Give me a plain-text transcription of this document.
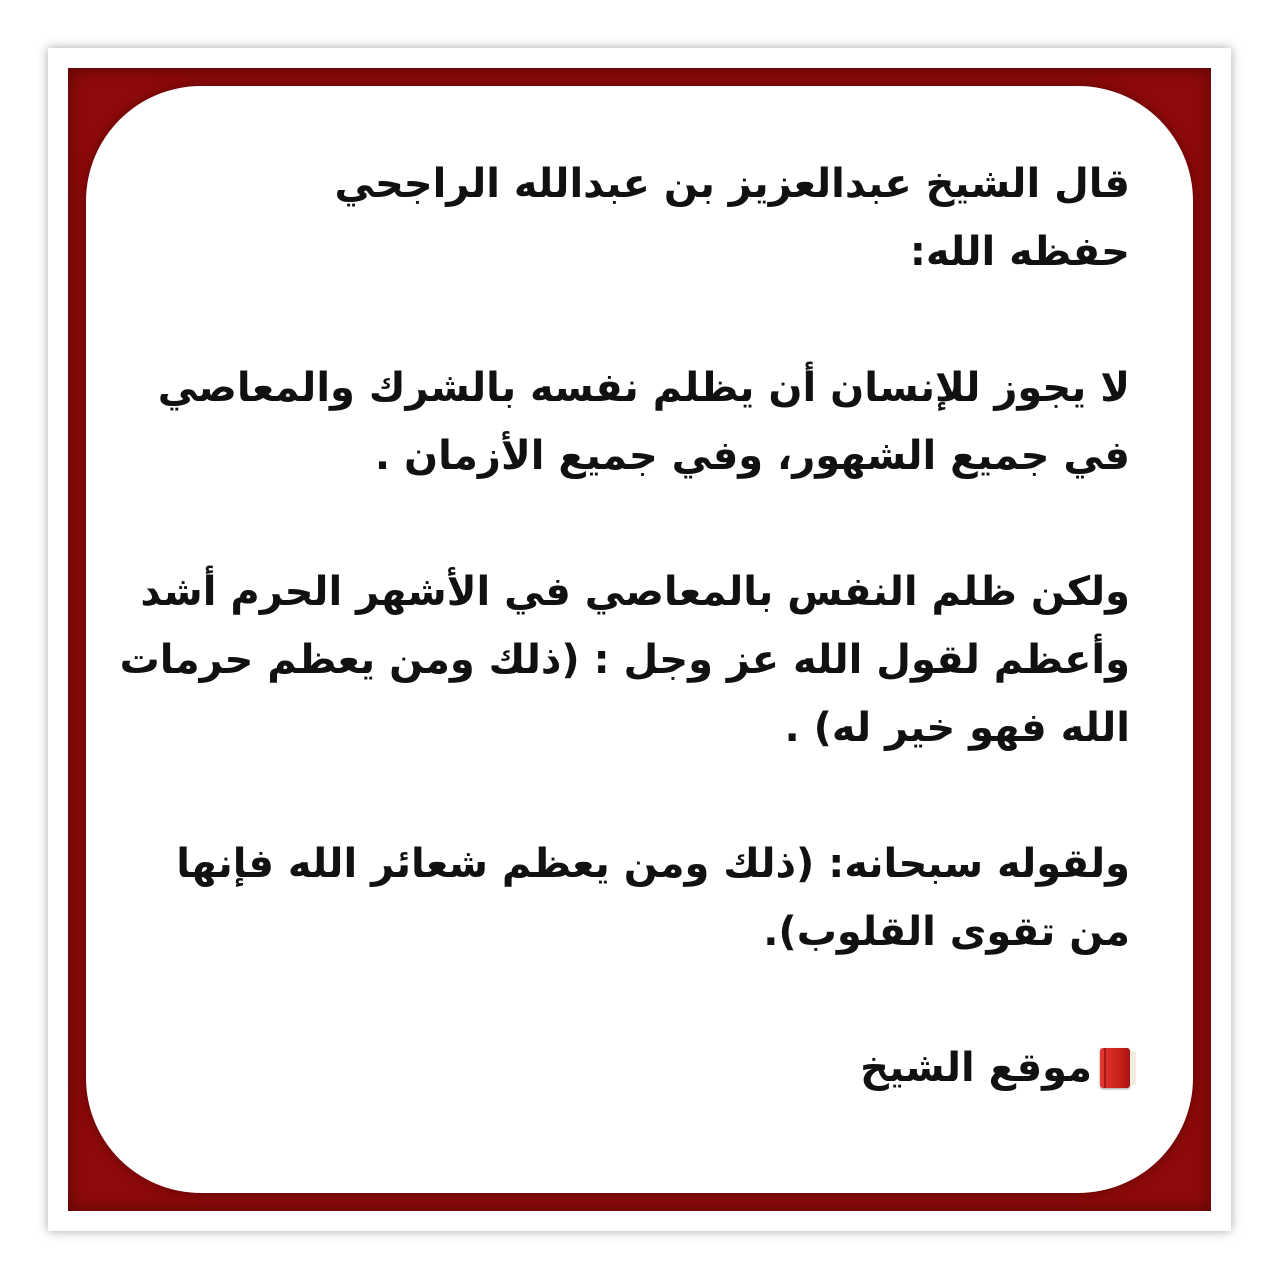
قال الشيخ عبدالعزيز بن عبدالله الراجحي
حفظه الله:

لا يجوز للإنسان أن يظلم نفسه بالشرك والمعاصي
في جميع الشهور، وفي جميع الأزمان .

ولكن ظلم النفس بالمعاصي في الأشهر الحرم أشد
وأعظم لقول الله عز وجل : (ذلك ومن يعظم حرمات
الله فهو خير له) .

ولقوله سبحانه: (ذلك ومن يعظم شعائر الله فإنها
من تقوى القلوب).

موقع الشيخ
